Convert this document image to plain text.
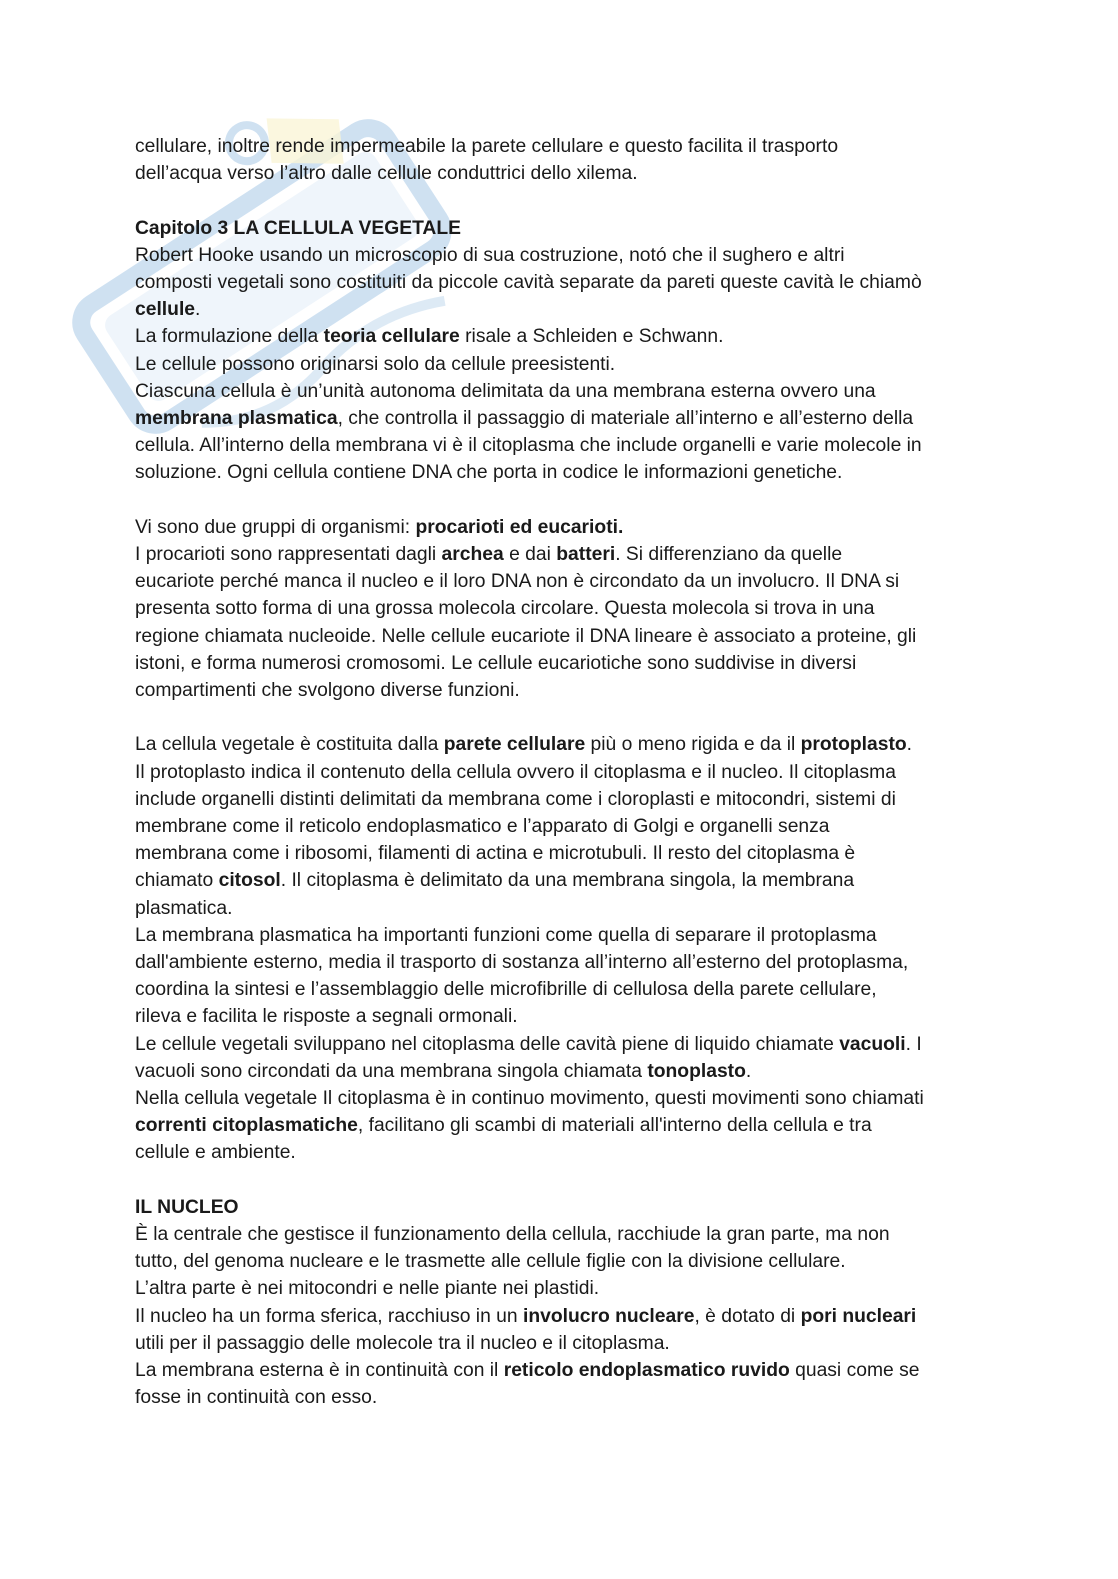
cellulare, inoltre rende impermeabile la parete cellulare e questo facilita il trasporto

dell’acqua verso l’altro dalle cellule conduttrici dello xilema.

Capitolo 3 LA CELLULA VEGETALE

Robert Hooke usando un microscopio di sua costruzione, notó che il sughero e altri

composti vegetali sono costituiti da piccole cavità separate da pareti queste cavità le chiamò

cellule.

La formulazione della teoria cellulare risale a Schleiden e Schwann.

Le cellule possono originarsi solo da cellule preesistenti.

Ciascuna cellula è un’unità autonoma delimitata da una membrana esterna ovvero una

membrana plasmatica, che controlla il passaggio di materiale all’interno e all’esterno della

cellula. All’interno della membrana vi è il citoplasma che include organelli e varie molecole in

soluzione. Ogni cellula contiene DNA che porta in codice le informazioni genetiche.

Vi sono due gruppi di organismi: procarioti ed eucarioti.

I procarioti sono rappresentati dagli archea e dai batteri. Si differenziano da quelle

eucariote perché manca il nucleo e il loro DNA non è circondato da un involucro. Il DNA si

presenta sotto forma di una grossa molecola circolare. Questa molecola si trova in una

regione chiamata nucleoide. Nelle cellule eucariote il DNA lineare è associato a proteine, gli

istoni, e forma numerosi cromosomi. Le cellule eucariotiche sono suddivise in diversi

compartimenti che svolgono diverse funzioni.

La cellula vegetale è costituita dalla parete cellulare più o meno rigida e da il protoplasto.

Il protoplasto indica il contenuto della cellula ovvero il citoplasma e il nucleo. Il citoplasma

include organelli distinti delimitati da membrana come i cloroplasti e mitocondri, sistemi di

membrane come il reticolo endoplasmatico e l’apparato di Golgi e organelli senza

membrana come i ribosomi, filamenti di actina e microtubuli. Il resto del citoplasma è

chiamato citosol. Il citoplasma è delimitato da una membrana singola, la membrana

plasmatica.

La membrana plasmatica ha importanti funzioni come quella di separare il protoplasma

dall'ambiente esterno, media il trasporto di sostanza all’interno all’esterno del protoplasma,

coordina la sintesi e l’assemblaggio delle microfibrille di cellulosa della parete cellulare,

rileva e facilita le risposte a segnali ormonali.

Le cellule vegetali sviluppano nel citoplasma delle cavità piene di liquido chiamate vacuoli. I

vacuoli sono circondati da una membrana singola chiamata tonoplasto.

Nella cellula vegetale Il citoplasma è in continuo movimento, questi movimenti sono chiamati

correnti citoplasmatiche, facilitano gli scambi di materiali all'interno della cellula e tra

cellule e ambiente.

IL NUCLEO

È la centrale che gestisce il funzionamento della cellula, racchiude la gran parte, ma non

tutto, del genoma nucleare e le trasmette alle cellule figlie con la divisione cellulare.

L’altra parte è nei mitocondri e nelle piante nei plastidi.

Il nucleo ha un forma sferica, racchiuso in un involucro nucleare, è dotato di pori nucleari

utili per il passaggio delle molecole tra il nucleo e il citoplasma.

La membrana esterna è in continuità con il reticolo endoplasmatico ruvido quasi come se

fosse in continuità con esso.
